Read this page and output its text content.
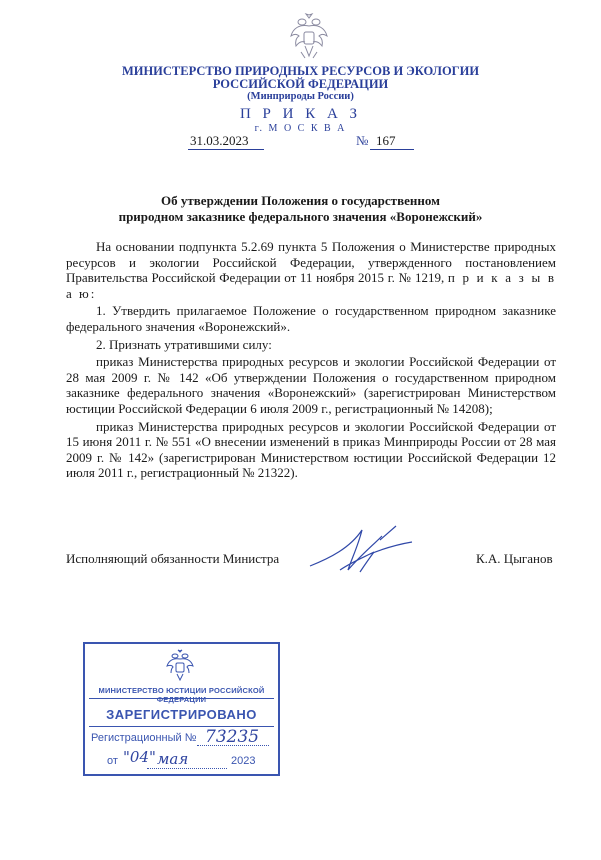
МИНИСТЕРСТВО ПРИРОДНЫХ РЕСУРСОВ И ЭКОЛОГИИ
РОССИЙСКОЙ ФЕДЕРАЦИИ
(Минприроды России)
П Р И К А З
г. М О С К В А
31.03.2023	№ 167
Об утверждении Положения о государственном
природном заказнике федерального значения «Воронежский»

На основании подпункта 5.2.69 пункта 5 Положения о Министерстве природных ресурсов и экологии Российской Федерации, утвержденного постановлением Правительства Российской Федерации от 11 ноября 2015 г. № 1219, п р и к а з ы в а ю:

1. Утвердить прилагаемое Положение о государственном природном заказнике федерального значения «Воронежский».

2. Признать утратившими силу:

приказ Министерства природных ресурсов и экологии Российской Федерации от 28 мая 2009 г. № 142 «Об утверждении Положения о государственном природном заказнике федерального значения «Воронежский» (зарегистрирован Министерством юстиции Российской Федерации 6 июля 2009 г., регистрационный № 14208);

приказ Министерства природных ресурсов и экологии Российской Федерации от 15 июня 2011 г. № 551 «О внесении изменений в приказ Минприроды России от 28 мая 2009 г. № 142» (зарегистрирован Министерством юстиции Российской Федерации 12 июля 2011 г., регистрационный № 21322).

Исполняющий обязанности Министра	К.А. Цыганов
МИНИСТЕРСТВО ЮСТИЦИИ РОССИЙСКОЙ ФЕДЕРАЦИИ
ЗАРЕГИСТРИРОВАНО
Регистрационный № 73235
от "04" мая	2023
